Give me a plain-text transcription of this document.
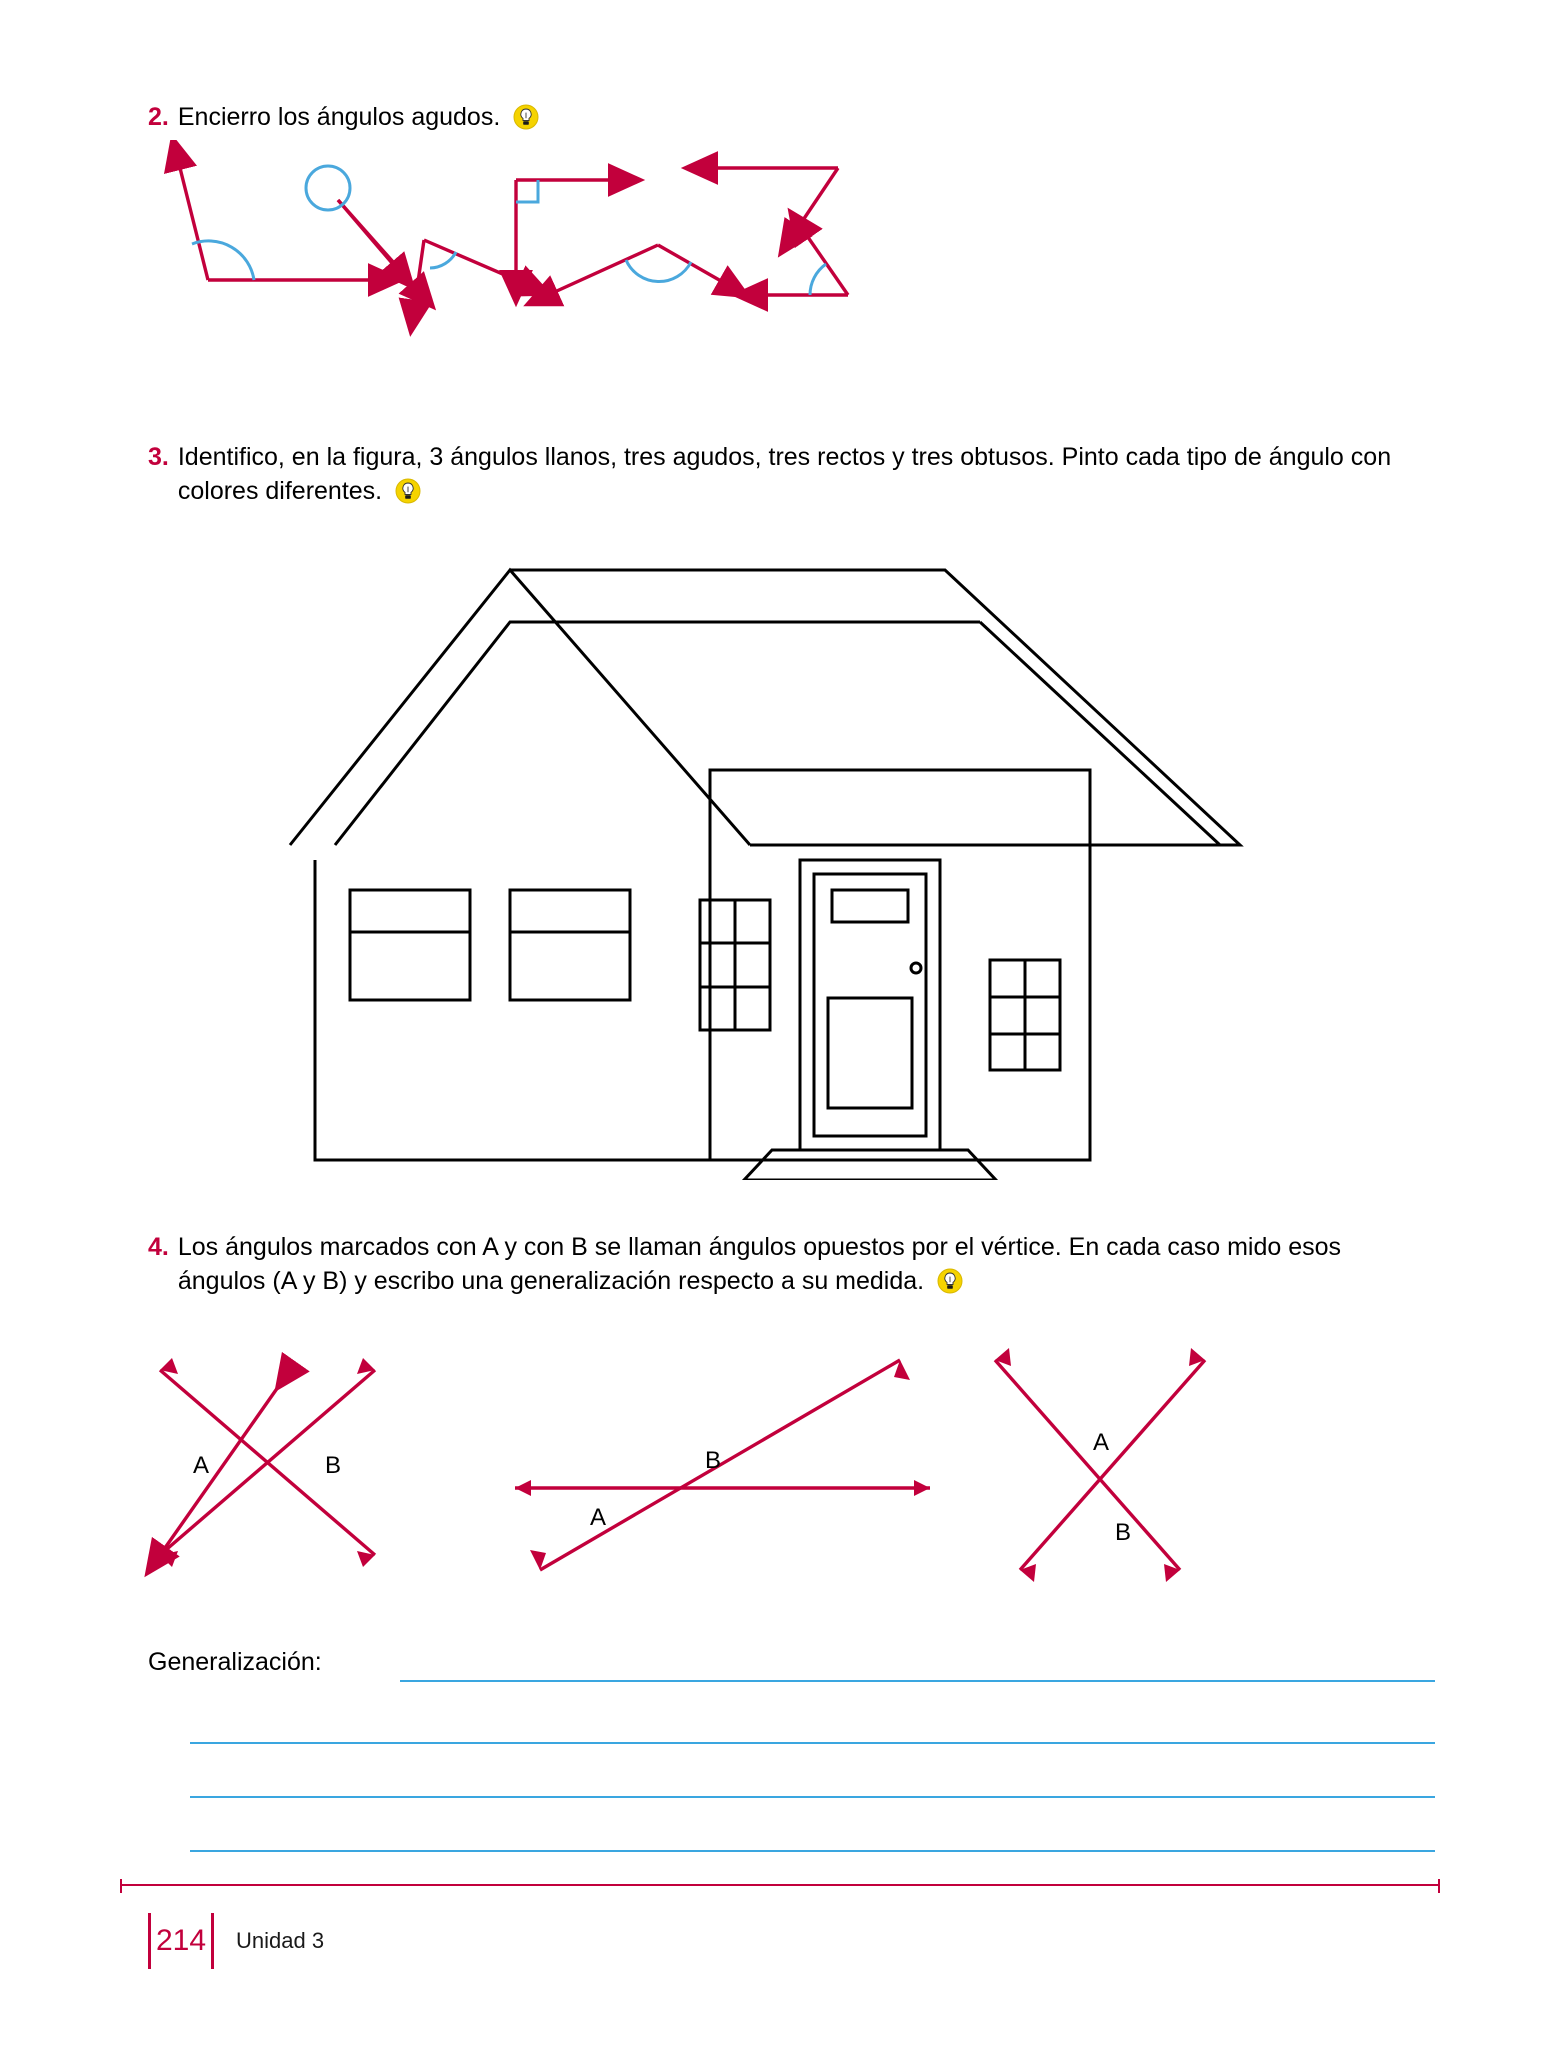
2. Encierro los ángulos agudos.
3. Identifico, en la figura, 3 ángulos llanos, tres agudos, tres rectos y tres obtusos. Pinto cada tipo de ángulo con colores diferentes.
4. Los ángulos marcados con A y con B se llaman ángulos opuestos por el vértice. En cada caso mido esos ángulos (A y B) y escribo una generalización respecto a su medida.
A	B
A
B
A
B
Generalización:
214	Unidad 3
